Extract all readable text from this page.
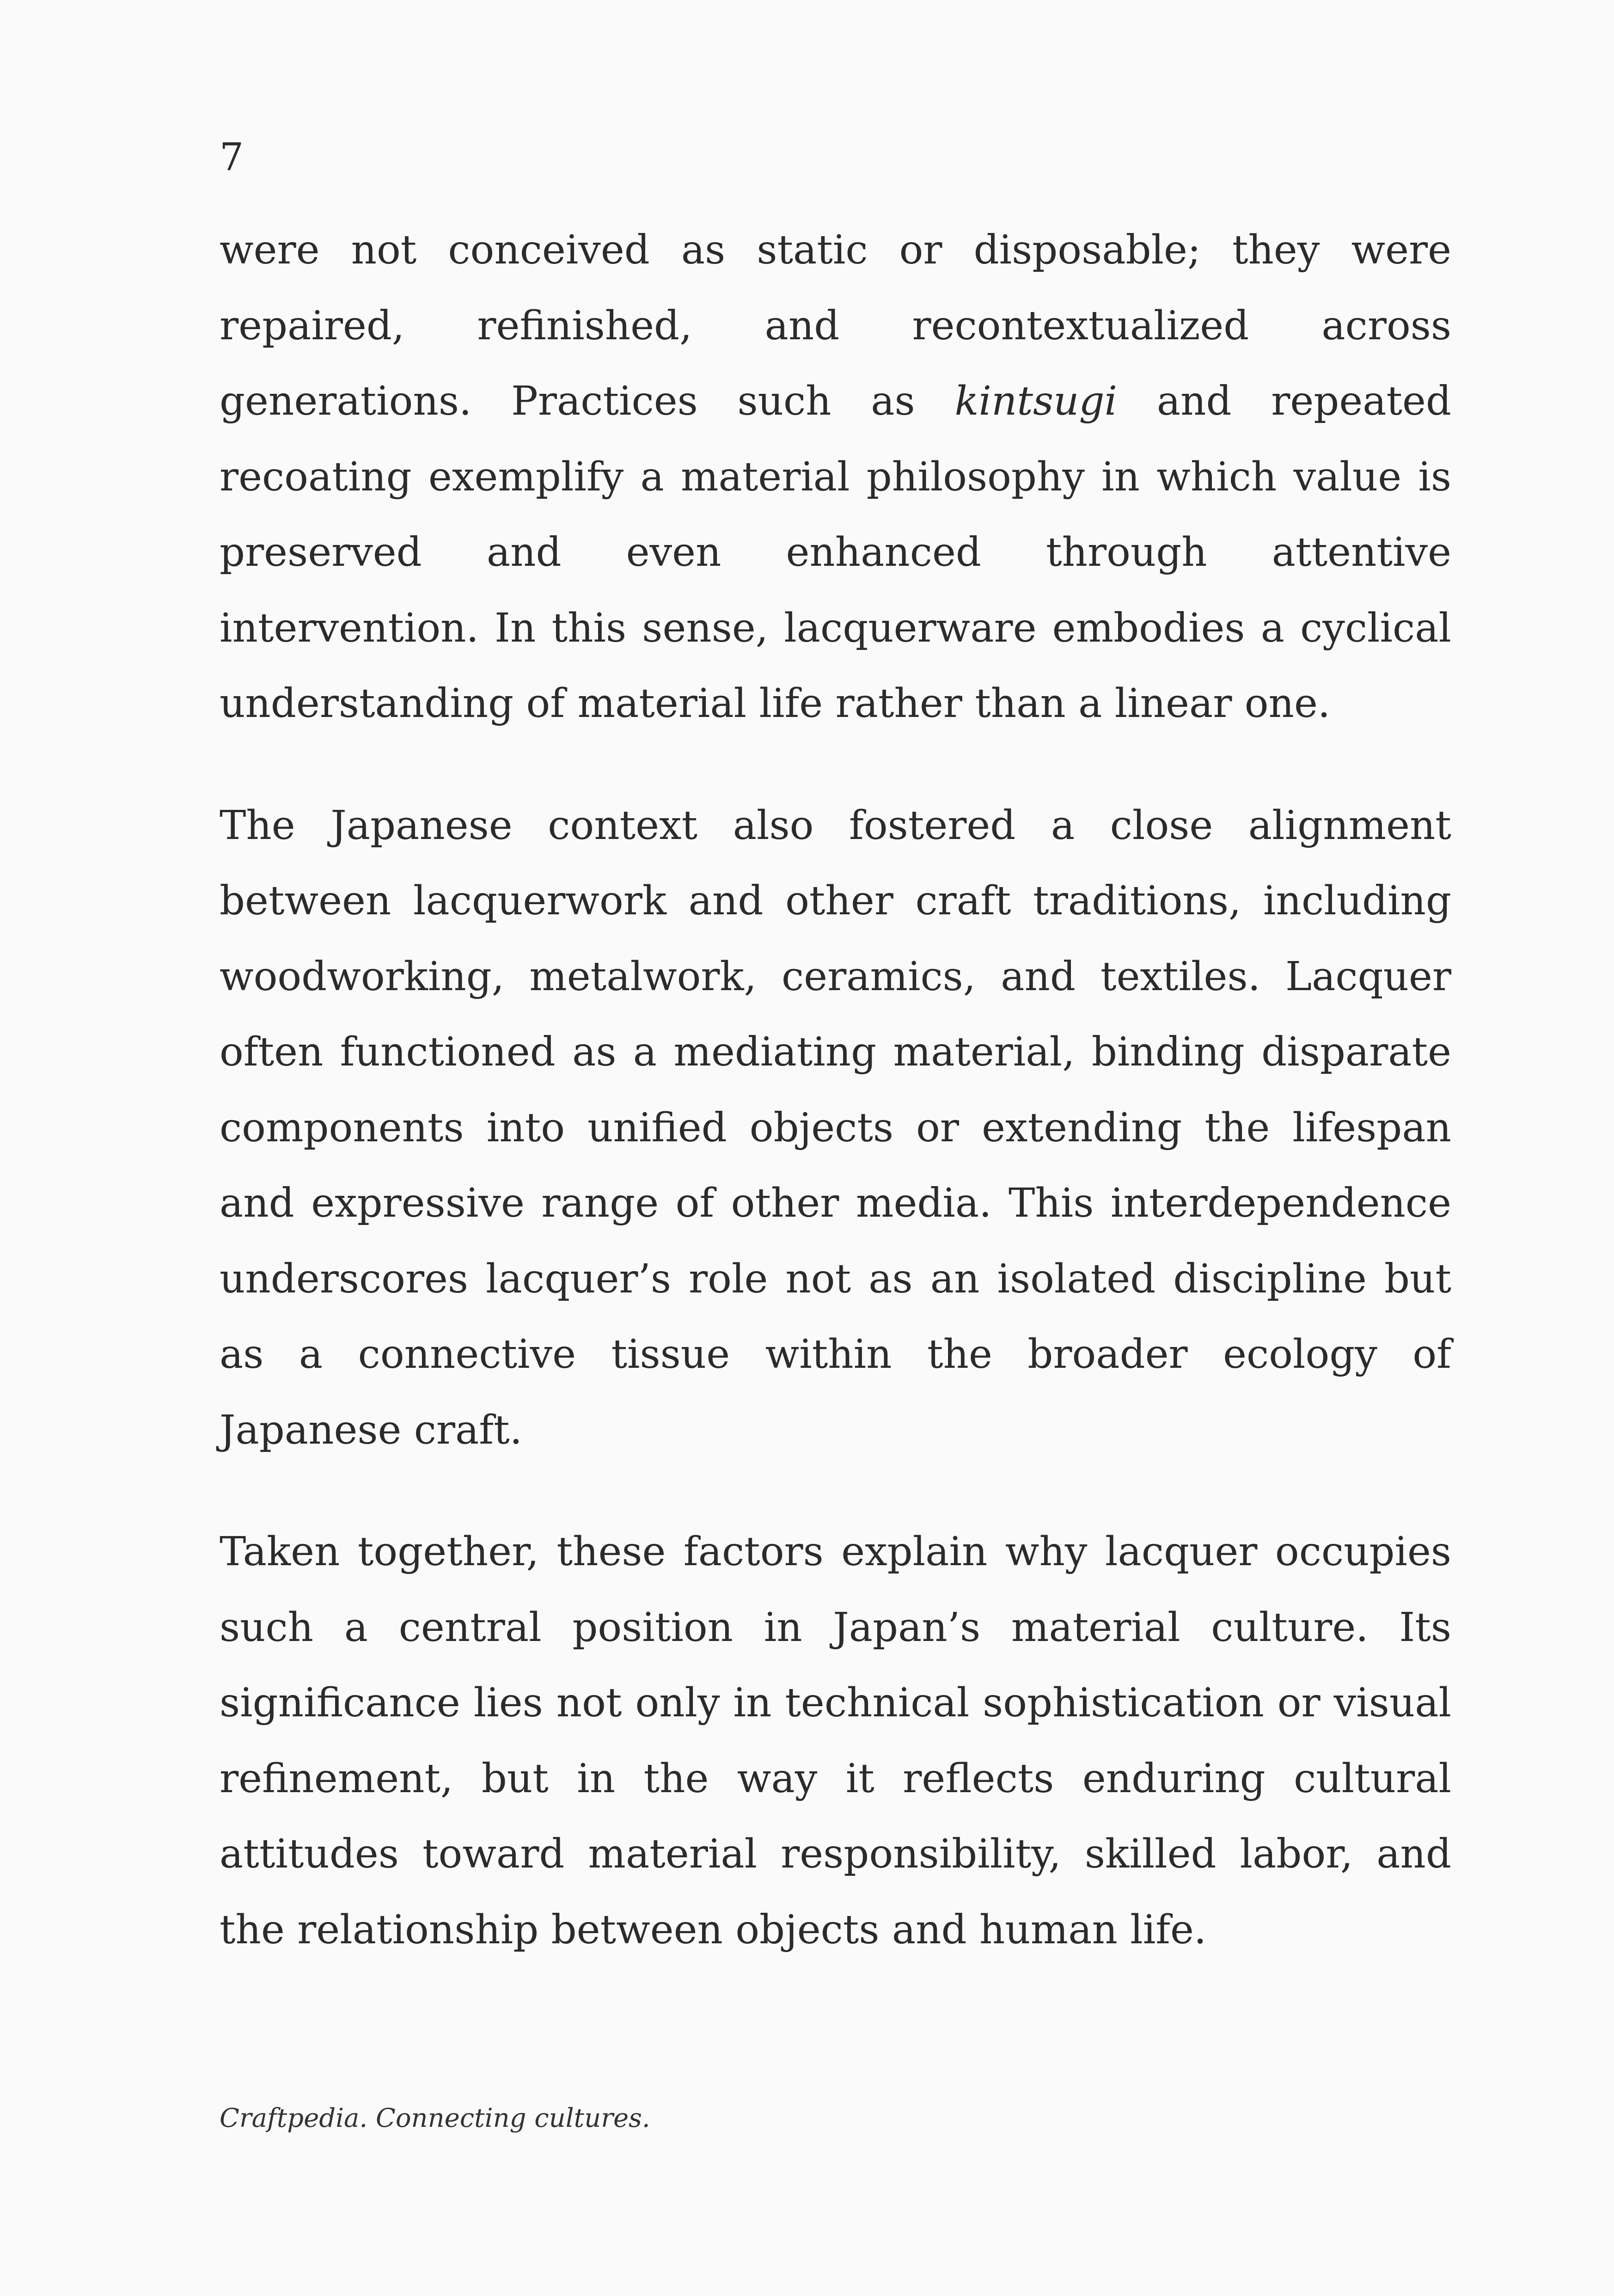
7

were not conceived as static or disposable; they were repaired, refinished, and recontextualized across generations. Practices such as kintsugi and repeated recoating exemplify a material philosophy in which value is preserved and even enhanced through attentive intervention. In this sense, lacquerware embodies a cyclical understanding of material life rather than a linear one.

The Japanese context also fostered a close alignment between lacquerwork and other craft traditions, including woodworking, metalwork, ceramics, and textiles. Lacquer often functioned as a mediating material, binding disparate components into unified objects or extending the lifespan and expressive range of other media. This interdependence underscores lacquer’s role not as an isolated discipline but as a connective tissue within the broader ecology of Japanese craft.

Taken together, these factors explain why lacquer occupies such a central position in Japan’s material culture. Its significance lies not only in technical sophistication or visual refinement, but in the way it reflects enduring cultural attitudes toward material responsibility, skilled labor, and the relationship between objects and human life.

Craftpedia. Connecting cultures.
